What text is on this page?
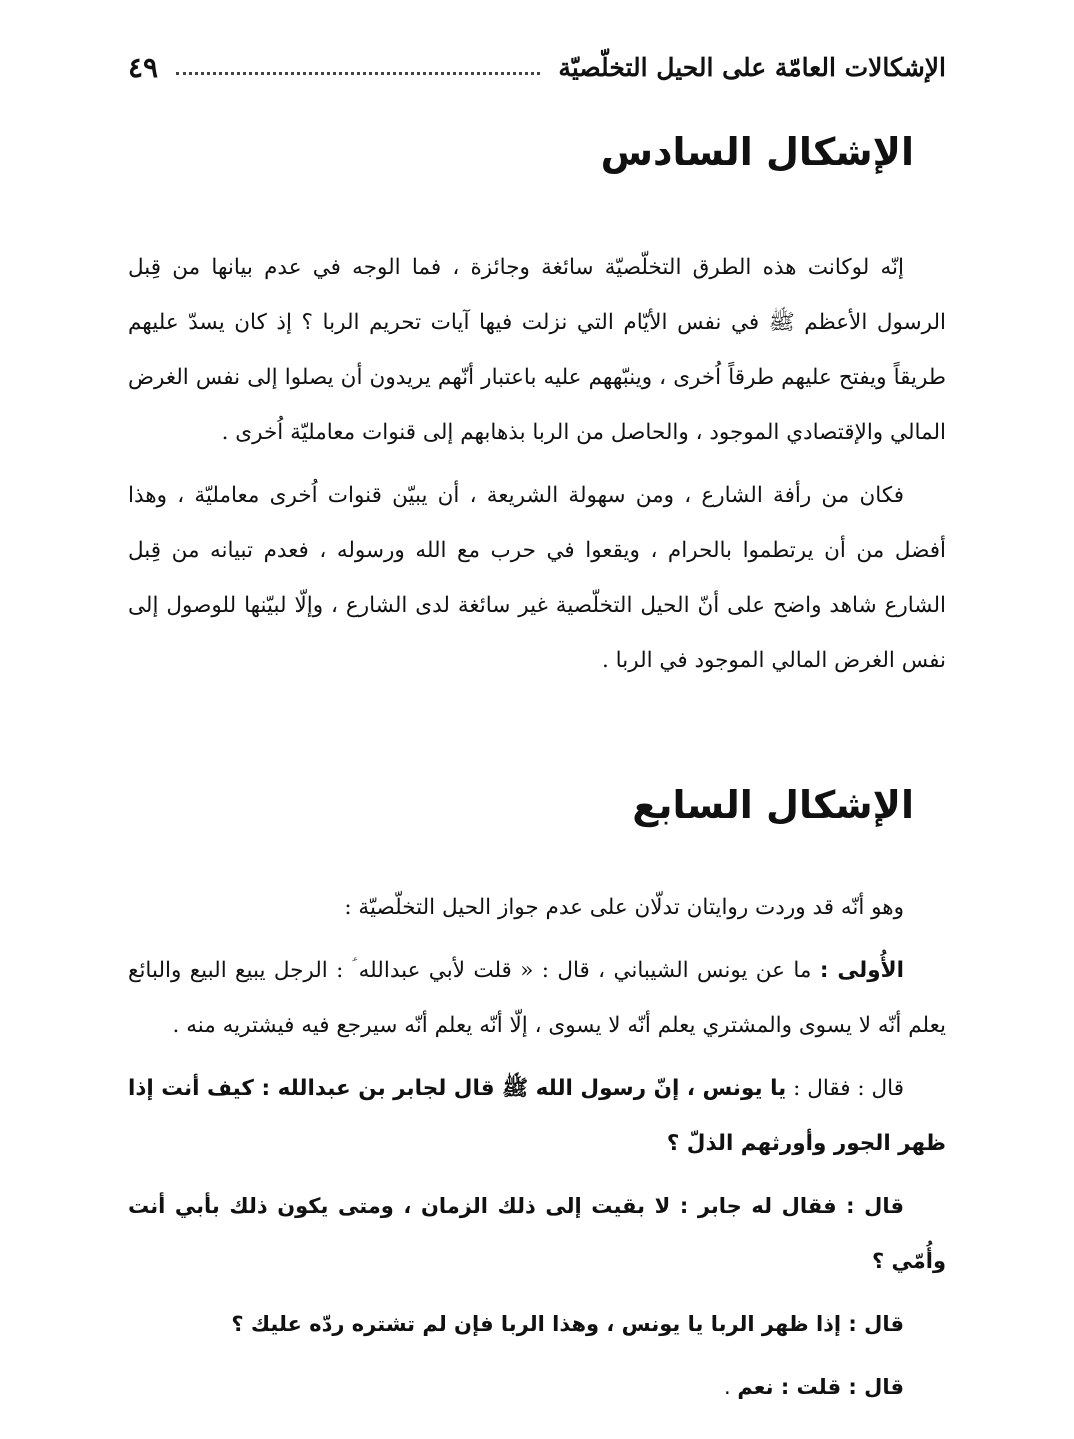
الإشكالات العامّة على الحيل التخلّصيّة
٤٩
الإشكال السادس

إنّه لوكانت هذه الطرق التخلّصيّة سائغة وجائزة ، فما الوجه في عدم بيانها من قِبل الرسول الأعظم ﷺ في نفس الأيّام التي نزلت فيها آيات تحريم الربا ؟ إذ كان يسدّ عليهم طريقاً ويفتح عليهم طرقاً اُخرى ، وينبّههم عليه باعتبار أنّهم يريدون أن يصلوا إلى نفس الغرض المالي والإقتصادي الموجود ، والحاصل من الربا بذهابهم إلى قنوات معامليّة اُخرى .

فكان من رأفة الشارع ، ومن سهولة الشريعة ، أن يبيّن قنوات اُخرى معامليّة ، وهذا أفضل من أن يرتطموا بالحرام ، ويقعوا في حرب مع الله ورسوله ، فعدم تبيانه من قِبل الشارع شاهد واضح على أنّ الحيل التخلّصية غير سائغة لدى الشارع ، وإلّا لبيّنها للوصول إلى نفس الغرض المالي الموجود في الربا .

الإشكال السابع

وهو أنّه قد وردت روايتان تدلّان على عدم جواز الحيل التخلّصيّة :

الأُولى : ما عن يونس الشيباني ، قال : « قلت لأبي عبدالله ؑ : الرجل يبيع البيع والبائع يعلم أنّه لا يسوى والمشتري يعلم أنّه لا يسوى ، إلّا أنّه يعلم أنّه سيرجع فيه فيشتريه منه .

قال : فقال : يا يونس ، إنّ رسول الله ﷺ قال لجابر بن عبدالله : كيف أنت إذا ظهر الجور وأورثهم الذلّ ؟

قال : فقال له جابر : لا بقيت إلى ذلك الزمان ، ومتى يكون ذلك بأبي أنت وأُمّي ؟

قال : إذا ظهر الربا يا يونس ، وهذا الربا فإن لم تشتره ردّه عليك ؟

قال : قلت : نعم .
